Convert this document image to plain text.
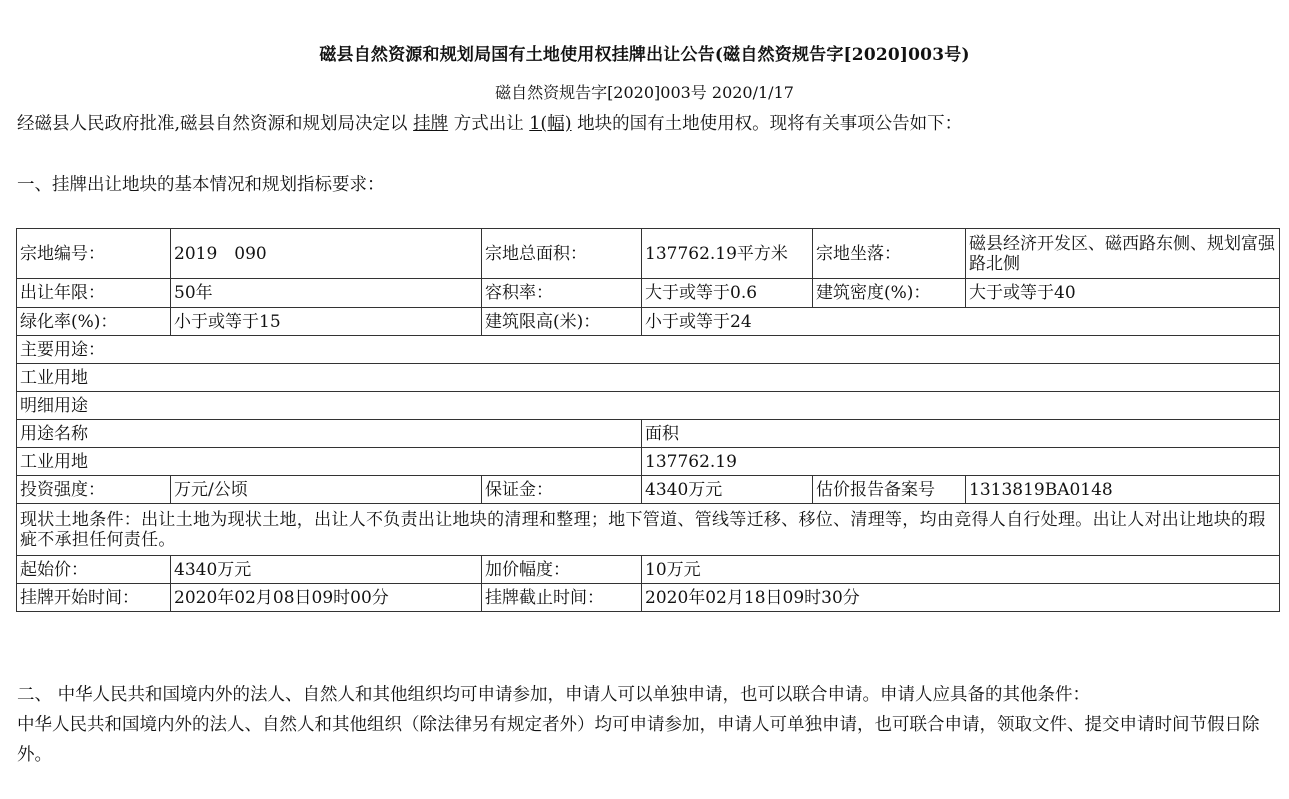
磁县自然资源和规划局国有土地使用权挂牌出让公告(磁自然资规告字[2020]003号)
磁自然资规告字[2020]003号 2020/1/17
经磁县人民政府批准,磁县自然资源和规划局决定以 挂牌 方式出让 1(幅) 地块的国有土地使用权。现将有关事项公告如下：
一、挂牌出让地块的基本情况和规划指标要求：
宗地编号：	2019　090	宗地总面积：	137762.19平方米	宗地坐落：	磁县经济开发区、磁西路东侧、规划富强路北侧
出让年限：	50年	容积率：	大于或等于0.6	建筑密度(%)：	大于或等于40
绿化率(%)：	小于或等于15	建筑限高(米)：	小于或等于24		
主要用途：					
工业用地					
明细用途					
用途名称			面积		
工业用地			137762.19		
投资强度：	万元/公顷	保证金：	4340万元	估价报告备案号	1313819BA0148
现状土地条件：出让土地为现状土地，出让人不负责出让地块的清理和整理；地下管道、管线等迁移、移位、清理等，均由竞得人自行处理。出让人对出让地块的瑕疵不承担任何责任。					
起始价：	4340万元	加价幅度：	10万元		
挂牌开始时间：	2020年02月08日09时00分	挂牌截止时间：	2020年02月18日09时30分		
二、 中华人民共和国境内外的法人、自然人和其他组织均可申请参加，申请人可以单独申请，也可以联合申请。申请人应具备的其他条件：
中华人民共和国境内外的法人、自然人和其他组织（除法律另有规定者外）均可申请参加，申请人可单独申请，也可联合申请，领取文件、提交申请时间节假日除外。
